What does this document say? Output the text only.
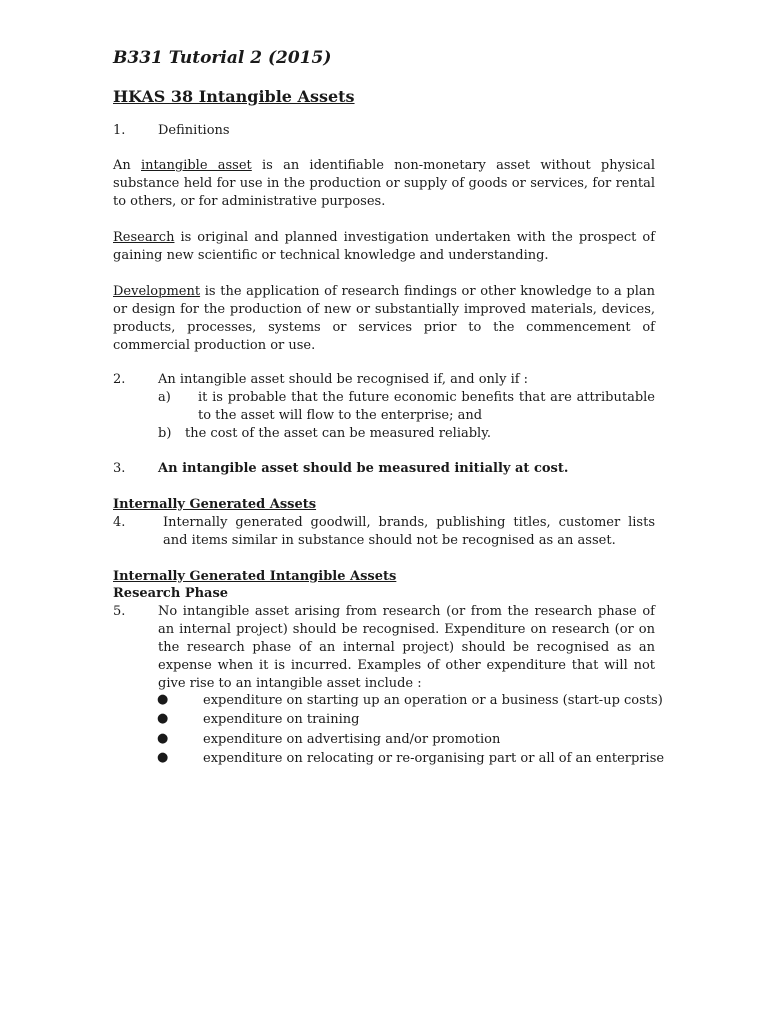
B331 Tutorial 2 (2015)
HKAS 38 Intangible Assets
1.	Definitions
An intangible asset is an identifiable non-monetary asset without physical substance held for use in the production or supply of goods or services, for rental to others, or for administrative purposes.
Research is original and planned investigation undertaken with the prospect of gaining new scientific or technical knowledge and understanding.
Development is the application of research findings or other knowledge to a plan or design for the production of new or substantially improved materials, devices, products, processes, systems or services prior to the commencement of commercial production or use.
2.	An intangible asset should be recognised if, and only if :
a) it is probable that the future economic benefits that are attributable to the asset will flow to the enterprise; and
b) the cost of the asset can be measured reliably.
3.	An intangible asset should be measured initially at cost.
Internally Generated Assets
4.	Internally generated goodwill, brands, publishing titles, customer lists and items similar in substance should not be recognised as an asset.
Internally Generated Intangible Assets
Research Phase
5.	No intangible asset arising from research (or from the research phase of an internal project) should be recognised. Expenditure on research (or on the research phase of an internal project) should be recognised as an expense when it is incurred. Examples of other expenditure that will not give rise to an intangible asset include :
●	expenditure on starting up an operation or a business (start-up costs)
●	expenditure on training
●	expenditure on advertising and/or promotion
●	expenditure on relocating or re-organising part or all of an enterprise
